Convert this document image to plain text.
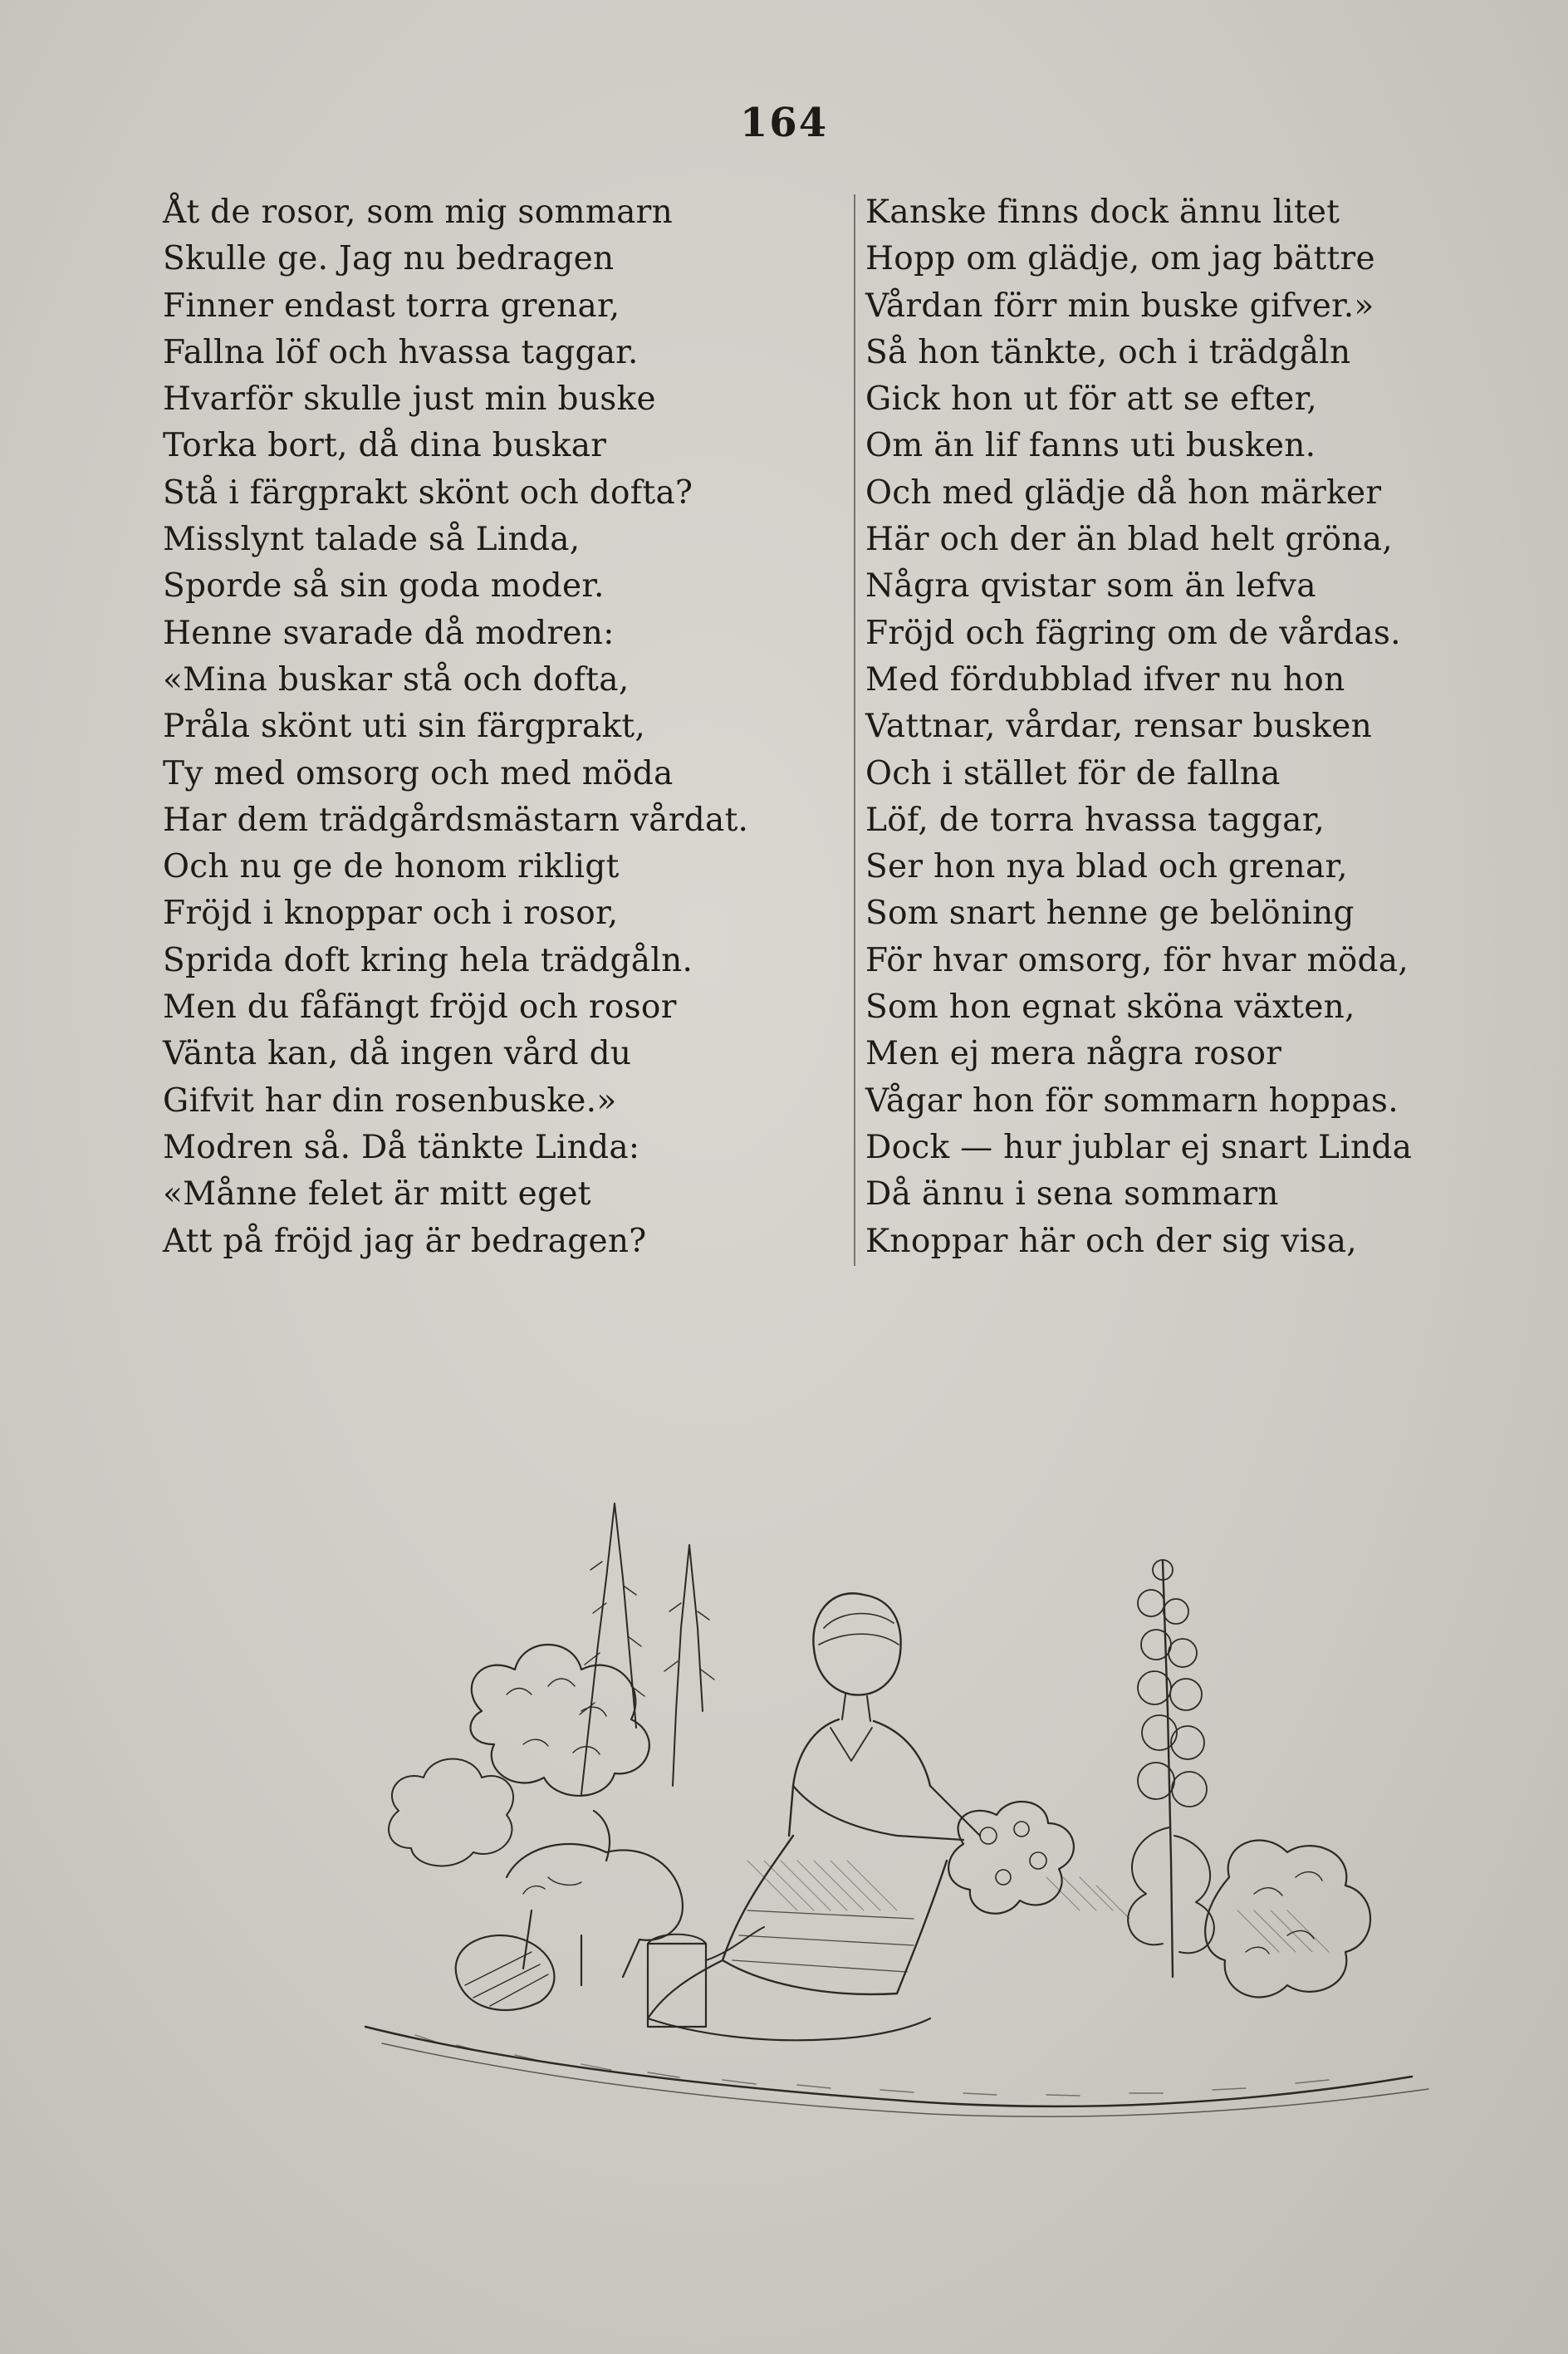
164
Åt de rosor, som mig sommarn
Skulle ge. Jag nu bedragen
Finner endast torra grenar,
Fallna löf och hvassa taggar.
Hvarför skulle just min buske
Torka bort, då dina buskar
Stå i färgprakt skönt och dofta?
Misslynt talade så Linda,
Sporde så sin goda moder.
Henne svarade då modren:
«Mina buskar stå och dofta,
Pråla skönt uti sin färgprakt,
Ty med omsorg och med möda
Har dem trädgårdsmästarn vårdat.
Och nu ge de honom rikligt
Fröjd i knoppar och i rosor,
Sprida doft kring hela trädgåln.
Men du fåfängt fröjd och rosor
Vänta kan, då ingen vård du
Gifvit har din rosenbuske.»
Modren så. Då tänkte Linda:
«Månne felet är mitt eget
Att på fröjd jag är bedragen?
Kanske finns dock ännu litet
Hopp om glädje, om jag bättre
Vårdan förr min buske gifver.»
Så hon tänkte, och i trädgåln
Gick hon ut för att se efter,
Om än lif fanns uti busken.
Och med glädje då hon märker
Här och der än blad helt gröna,
Några qvistar som än lefva
Fröjd och fägring om de vårdas.
Med fördubblad ifver nu hon
Vattnar, vårdar, rensar busken
Och i stället för de fallna
Löf, de torra hvassa taggar,
Ser hon nya blad och grenar,
Som snart henne ge belöning
För hvar omsorg, för hvar möda,
Som hon egnat sköna växten,
Men ej mera några rosor
Vågar hon för sommarn hoppas.
Dock — hur jublar ej snart Linda
Då ännu i sena sommarn
Knoppar här och der sig visa,
